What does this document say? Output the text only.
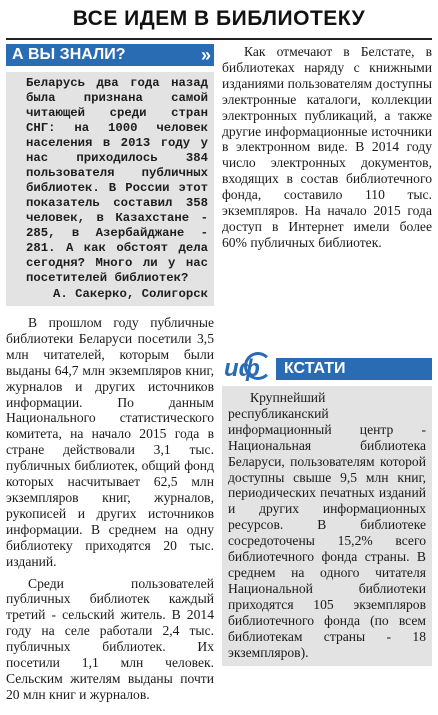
ВСЕ ИДЕМ В БИБЛИОТЕКУ
А ВЫ ЗНАЛИ?	»
Беларусь два года назад была признана самой читающей среди стран СНГ: на 1000 человек населения в 2013 году у нас приходилось 384 пользователя публичных библиотек. В России этот показатель составил 358 человек, в Казахстане - 285, в Азербайджане - 281. А как обстоят дела сегодня? Много ли у нас посетителей библиотек?
А. Сакерко, Солигорск

В прошлом году публичные библиотеки Беларуси посетили 3,5 млн читателей, которым были выданы 64,7 млн экземпляров книг, журналов и других источников информации. По данным Национального статистического комитета, на начало 2015 года в стране действовали 3,1 тыс. публичных библиотек, общий фонд которых насчитывает 62,5 млн экземпляров книг, журналов, рукописей и других источников информации. В среднем на одну библиотеку приходятся 20 тыс. изданий.

Среди пользователей публичных библиотек каждый третий - сельский житель. В 2014 году на селе работали 2,4 тыс. публичных библиотек. Их посетили 1,1 млн человек. Сельским жителям выданы почти 20 млн книг и журналов.

Как отмечают в Белстате, в библиотеках наряду с книжными изданиями пользователям доступны электронные каталоги, коллекции электронных публикаций, а также другие информационные источники в электронном виде. В 2014 году число электронных документов, входящих в состав библиотечного фонда, составило 110 тыс. экземпляров. На начало 2015 года доступ в Интернет имели более 60% публичных библиотек.

иф	КСТАТИ

Крупнейший республиканский информационный центр - Национальная библиотека Беларуси, пользователям которой доступны свыше 9,5 млн книг, периодических печатных изданий и других информационных ресурсов. В библиотеке сосредоточены 15,2% всего библиотечного фонда страны. В среднем на одного читателя Национальной библиотеки приходятся 105 экземпляров библиотечного фонда (по всем библиотекам страны - 18 экземпляров).
